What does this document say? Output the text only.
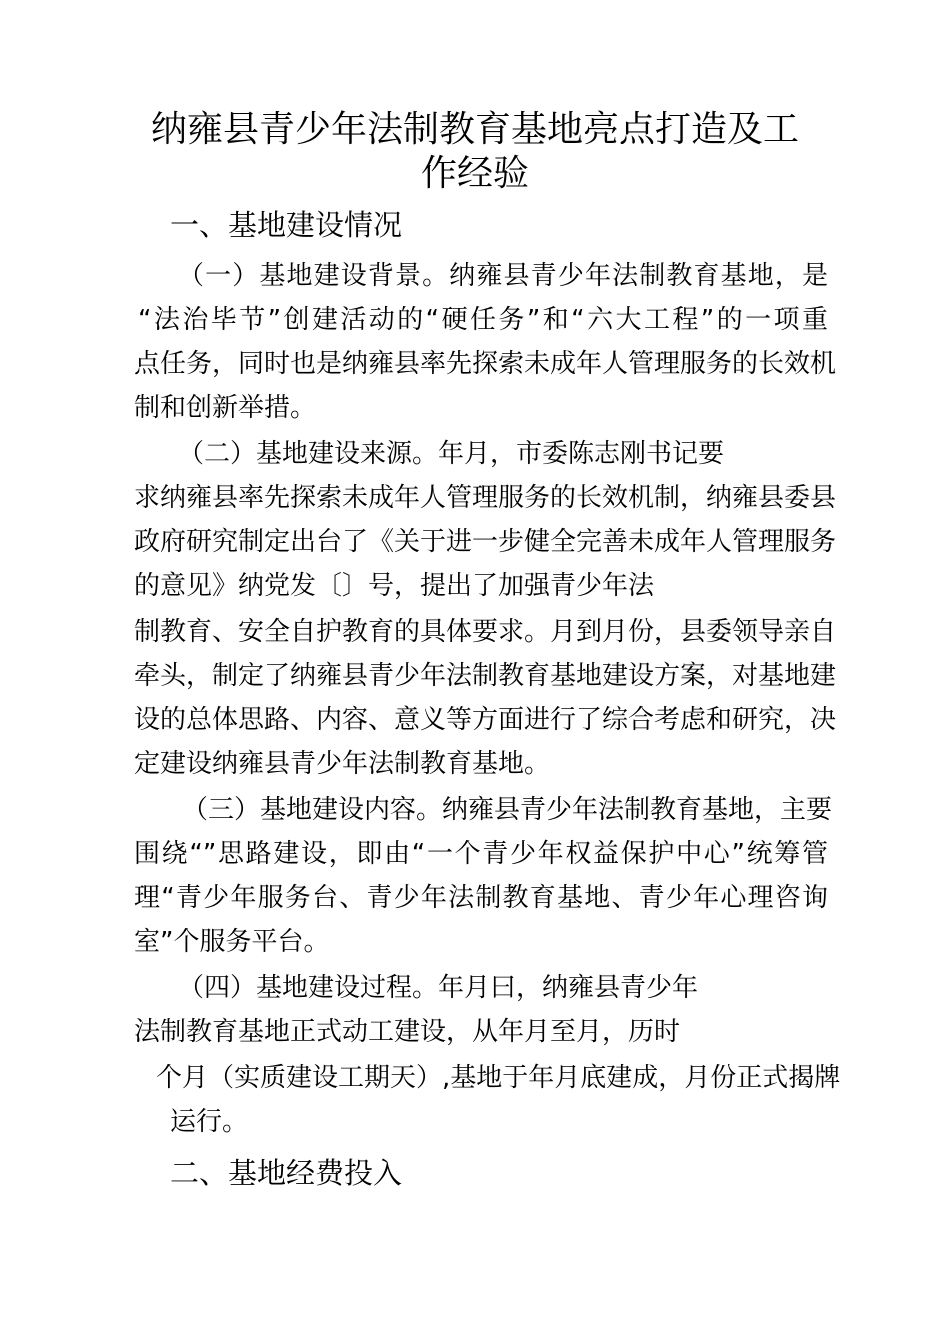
纳雍县青少年法制教育基地亮点打造及工
作经验
一、基地建设情况
（一）基地建设背景。纳雍县青少年法制教育基地，是
“法治毕节”创建活动的“硬任务”和“六大工程”的一项重
点任务，同时也是纳雍县率先探索未成年人管理服务的长效机
制和创新举措。
（二）基地建设来源。年月，市委陈志刚书记要
求纳雍县率先探索未成年人管理服务的长效机制，纳雍县委县
政府研究制定出台了《关于进一步健全完善未成年人管理服务
的意见》纳党发〔〕号，提出了加强青少年法
制教育、安全自护教育的具体要求。月到月份，县委领导亲自
牵头，制定了纳雍县青少年法制教育基地建设方案，对基地建
设的总体思路、内容、意义等方面进行了综合考虑和研究，决
定建设纳雍县青少年法制教育基地。
（三）基地建设内容。纳雍县青少年法制教育基地，主要
围绕“”思路建设，即由“一个青少年权益保护中心”统筹管
理“青少年服务台、青少年法制教育基地、青少年心理咨询
室”个服务平台。
（四）基地建设过程。年月曰，纳雍县青少年
法制教育基地正式动工建设，从年月至月，历时
个月（实质建设工期天）,基地于年月底建成，月份正式揭牌
运行。
二、基地经费投入
